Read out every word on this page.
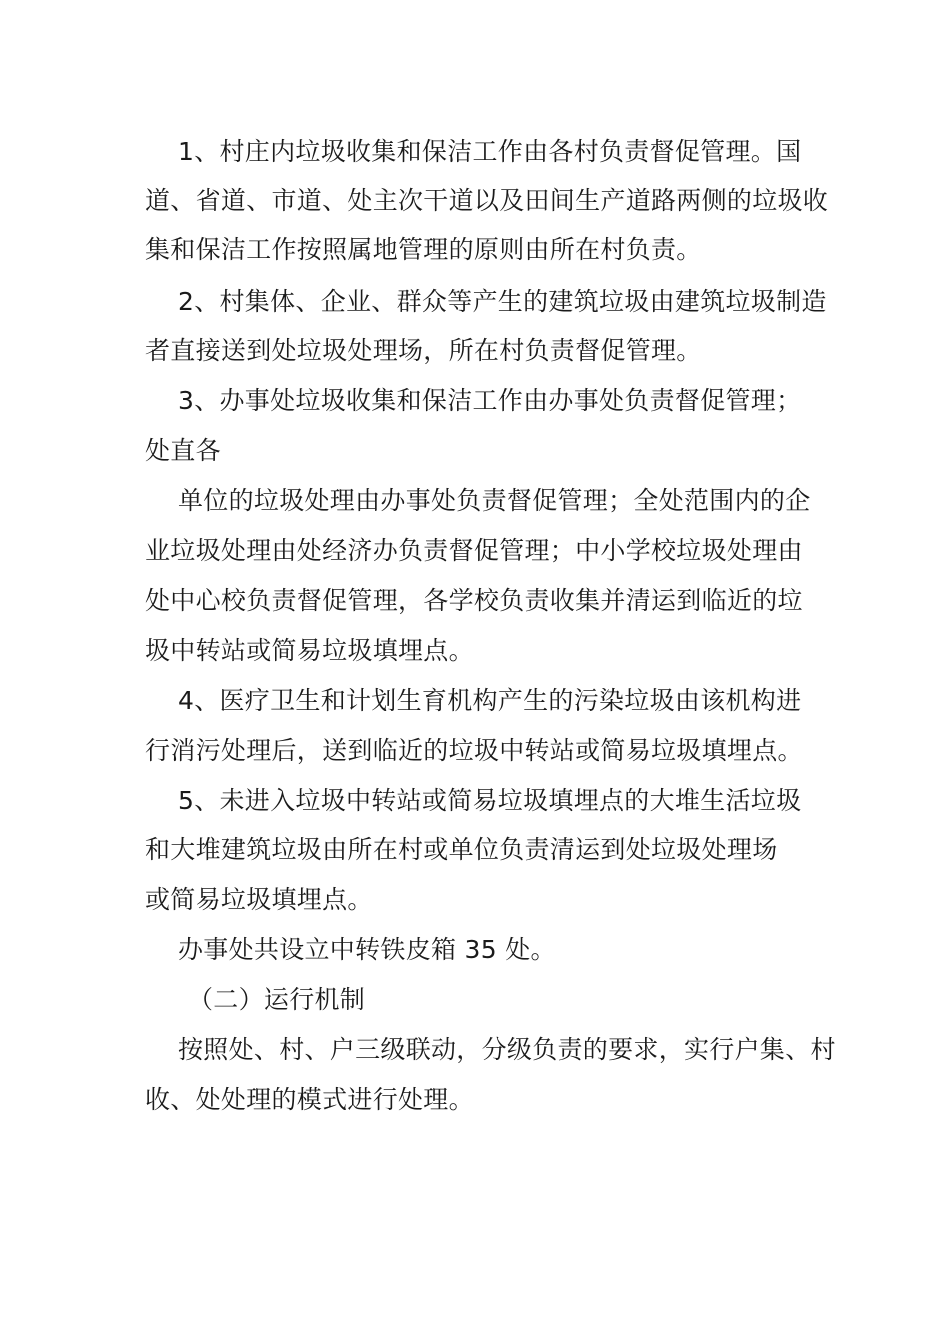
1、村庄内垃圾收集和保洁工作由各村负责督促管理。国
道、省道、市道、处主次干道以及田间生产道路两侧的垃圾收
集和保洁工作按照属地管理的原则由所在村负责。
2、村集体、企业、群众等产生的建筑垃圾由建筑垃圾制造
者直接送到处垃圾处理场，所在村负责督促管理。
3、办事处垃圾收集和保洁工作由办事处负责督促管理；
处直各
单位的垃圾处理由办事处负责督促管理；全处范围内的企
业垃圾处理由处经济办负责督促管理；中小学校垃圾处理由
处中心校负责督促管理，各学校负责收集并清运到临近的垃
圾中转站或简易垃圾填埋点。
4、医疗卫生和计划生育机构产生的污染垃圾由该机构进
行消污处理后，送到临近的垃圾中转站或简易垃圾填埋点。
5、未进入垃圾中转站或简易垃圾填埋点的大堆生活垃圾
和大堆建筑垃圾由所在村或单位负责清运到处垃圾处理场
或简易垃圾填埋点。
办事处共设立中转铁皮箱 35 处。
（二）运行机制
按照处、村、户三级联动，分级负责的要求，实行户集、村
收、处处理的模式进行处理。
